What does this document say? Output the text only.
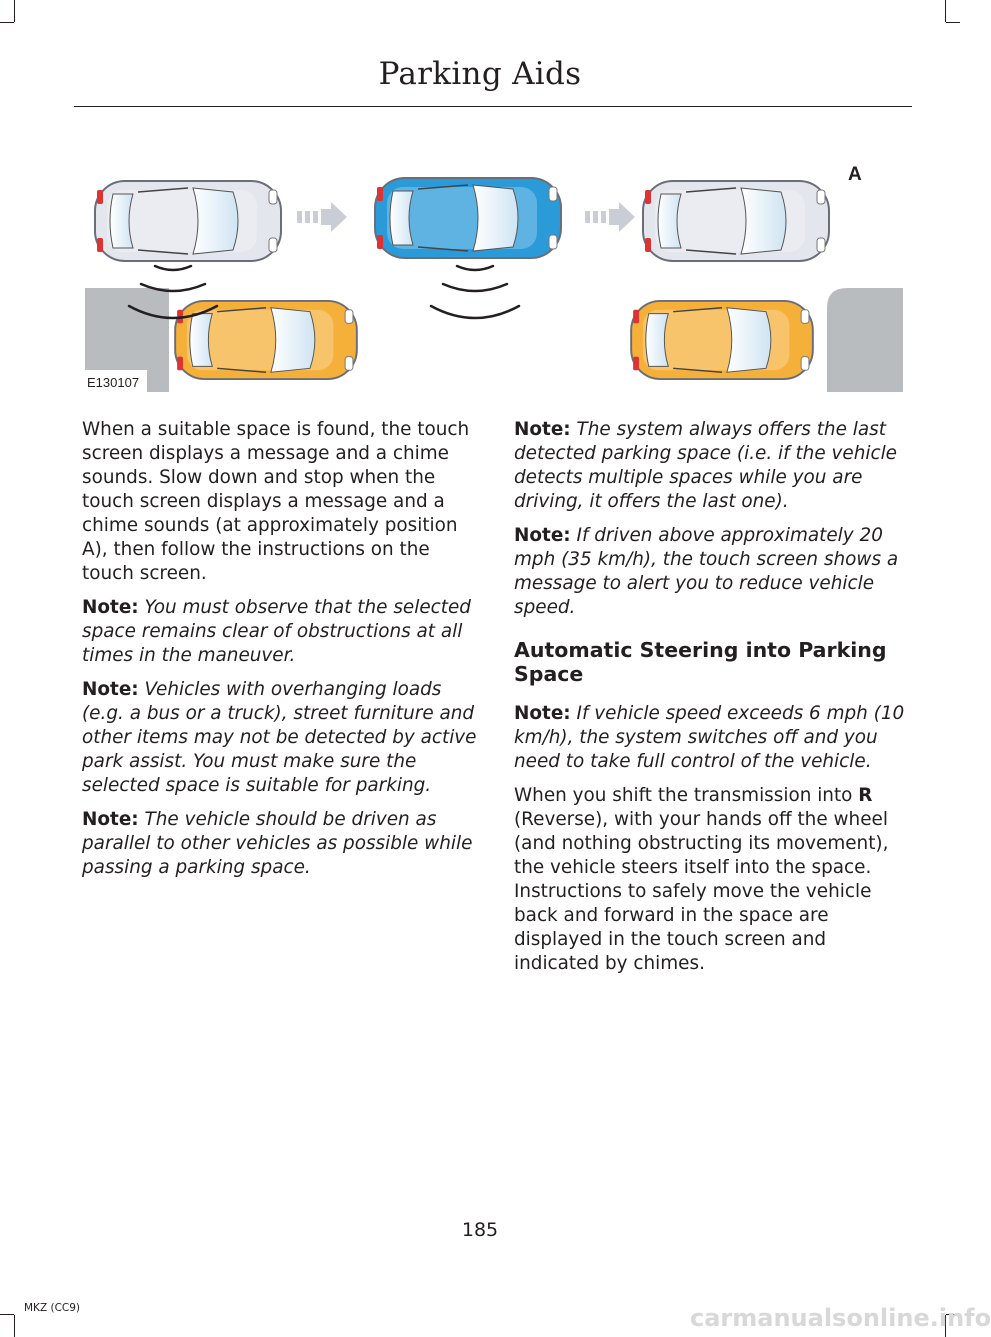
Parking Aids
A
E130107

When a suitable space is found, the touch screen displays a message and a chime sounds. Slow down and stop when the touch screen displays a message and a chime sounds (at approximately position A), then follow the instructions on the touch screen.

Note: You must observe that the selected space remains clear of obstructions at all times in the maneuver.

Note: Vehicles with overhanging loads (e.g. a bus or a truck), street furniture and other items may not be detected by active park assist. You must make sure the selected space is suitable for parking.

Note: The vehicle should be driven as parallel to other vehicles as possible while passing a parking space.

Note: The system always offers the last detected parking space (i.e. if the vehicle detects multiple spaces while you are driving, it offers the last one).

Note: If driven above approximately 20 mph (35 km/h), the touch screen shows a message to alert you to reduce vehicle speed.

Automatic Steering into Parking Space

Note: If vehicle speed exceeds 6 mph (10 km/h), the system switches off and you need to take full control of the vehicle.

When you shift the transmission into R (Reverse), with your hands off the wheel (and nothing obstructing its movement), the vehicle steers itself into the space. Instructions to safely move the vehicle back and forward in the space are displayed in the touch screen and indicated by chimes.

185
MKZ (CC9)	carmanualsonline.info
